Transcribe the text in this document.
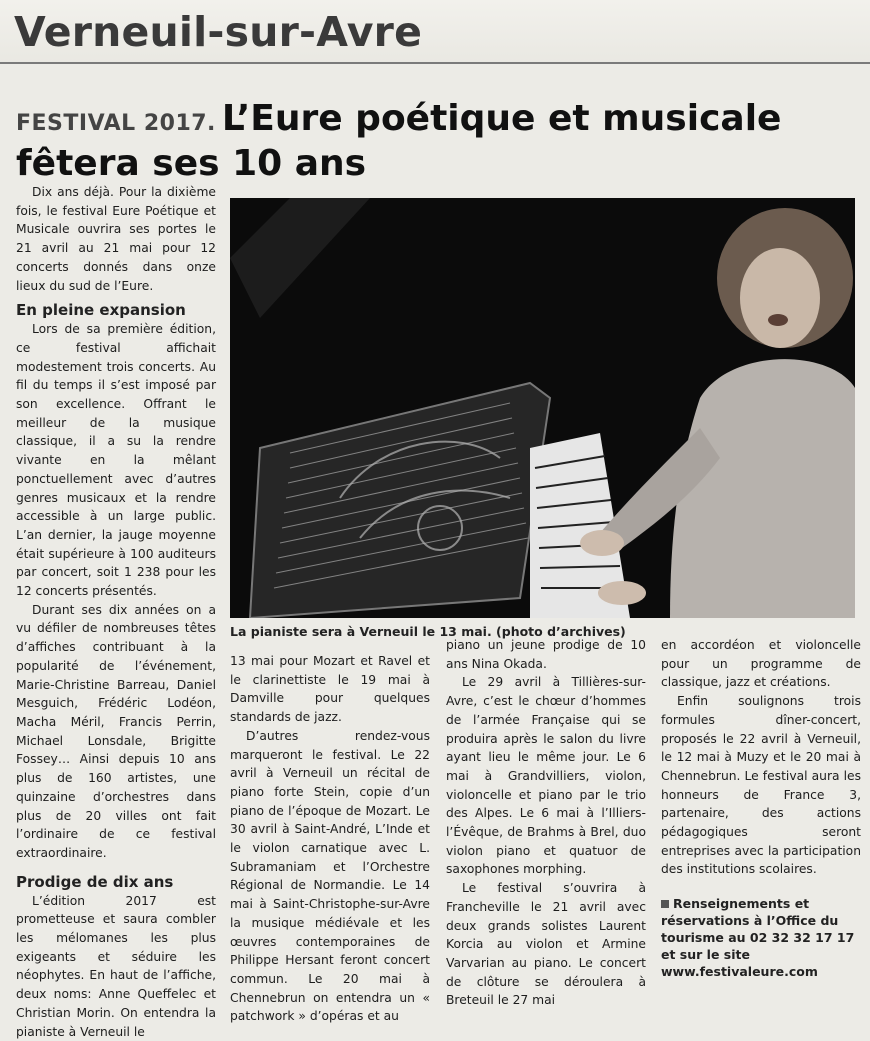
Verneuil-sur-Avre
FESTIVAL 2017. L’Eure poétique et musicale
fêtera ses 10 ans

Dix ans déjà. Pour la dixième fois, le festival Eure Poétique et Musicale ouvrira ses portes le 21 avril au 21 mai pour 12 concerts donnés dans onze lieux du sud de l’Eure.

En pleine expansion

Lors de sa première édition, ce festival affichait modestement trois concerts. Au fil du temps il s’est imposé par son excellence. Offrant le meilleur de la musique classique, il a su la rendre vivante en la mêlant ponctuellement avec d’autres genres musicaux et la rendre accessible à un large public. L’an dernier, la jauge moyenne était supérieure à 100 auditeurs par concert, soit 1 238 pour les 12 concerts présentés.

Durant ses dix années on a vu défiler de nombreuses têtes d’affiches contribuant à la popularité de l’événement, Marie-Christine Barreau, Daniel Mesguich, Frédéric Lodéon, Macha Méril, Francis Perrin, Michael Lonsdale, Brigitte Fossey… Ainsi depuis 10 ans plus de 160 artistes, une quinzaine d’orchestres dans plus de 20 villes ont fait l’ordinaire de ce festival extraordinaire.

Prodige de dix ans

L’édition 2017 est prometteuse et saura combler les mélomanes les plus exigeants et séduire les néophytes. En haut de l’affiche, deux noms: Anne Queffelec et Christian Morin. On entendra la pianiste à Verneuil le

La pianiste sera à Verneuil le 13 mai. (photo d’archives)

13 mai pour Mozart et Ravel et le clarinettiste le 19 mai à Damville pour quelques standards de jazz.

D’autres rendez-vous marqueront le festival. Le 22 avril à Verneuil un récital de piano forte Stein, copie d’un piano de l’époque de Mozart. Le 30 avril à Saint-André, L’Inde et le violon carnatique avec L. Subramaniam et l’Orchestre Régional de Normandie. Le 14 mai à Saint-Christophe-sur-Avre la musique médiévale et les œuvres contemporaines de Philippe Hersant feront concert commun. Le 20 mai à Chennebrun on entendra un « patchwork » d’opéras et au

piano un jeune prodige de 10 ans Nina Okada.

Le 29 avril à Tillières-sur-Avre, c’est le chœur d’hommes de l’armée Française qui se produira après le salon du livre ayant lieu le même jour. Le 6 mai à Grandvilliers, violon, violoncelle et piano par le trio des Alpes. Le 6 mai à l’Illiers-l’Évêque, de Brahms à Brel, duo violon piano et quatuor de saxophones morphing.

Le festival s’ouvrira à Francheville le 21 avril avec deux grands solistes Laurent Korcia au violon et Armine Varvarian au piano. Le concert de clôture se déroulera à Breteuil le 27 mai

en accordéon et violoncelle pour un programme de classique, jazz et créations.

Enfin soulignons trois formules dîner-concert, proposés le 22 avril à Verneuil, le 12 mai à Muzy et le 20 mai à Chennebrun. Le festival aura les honneurs de France 3, partenaire, des actions pédagogiques seront entreprises avec la participation des institutions scolaires.

Renseignements et réservations à l’Office du tourisme au 02 32 32 17 17 et sur le site
www.festivaleure.com
